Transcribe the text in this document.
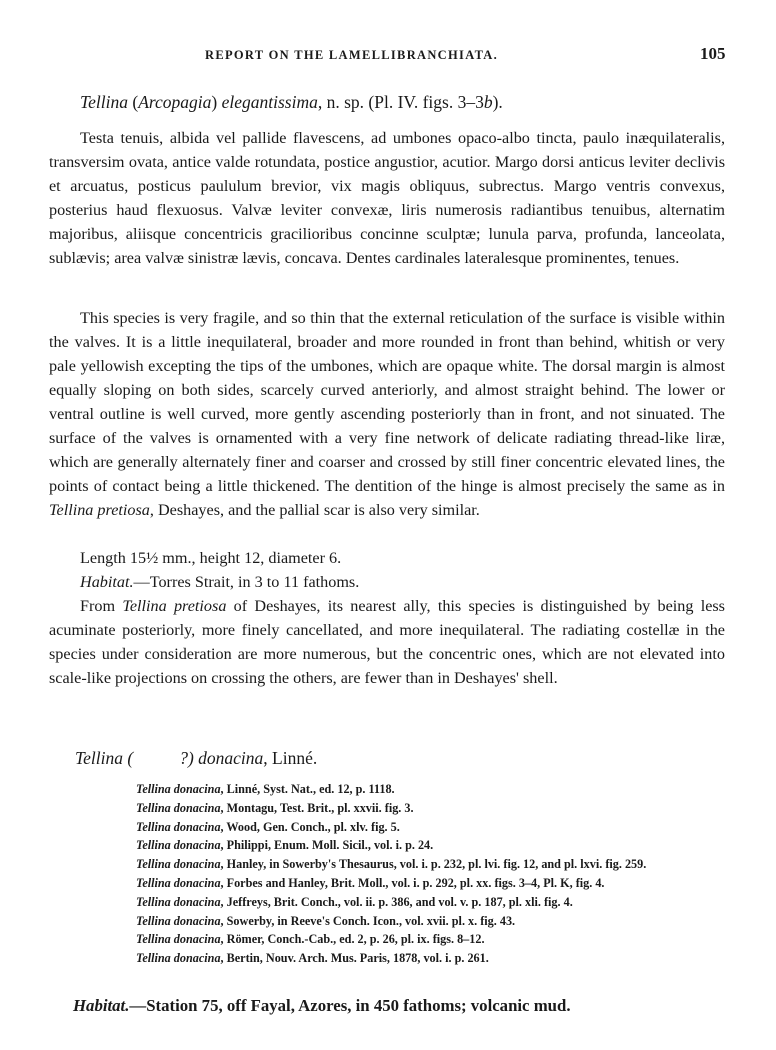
REPORT ON THE LAMELLIBRANCHIATA.	105
Tellina (Arcopagia) elegantissima, n. sp. (Pl. IV. figs. 3–3b).
Testa tenuis, albida vel pallide flavescens, ad umbones opaco-albo tincta, paulo inæquilateralis, transversim ovata, antice valde rotundata, postice angustior, acutior. Margo dorsi anticus leviter declivis et arcuatus, posticus paululum brevior, vix magis obliquus, subrectus. Margo ventris convexus, posterius haud flexuosus. Valvæ leviter convexæ, liris numerosis radiantibus tenuibus, alternatim majoribus, aliisque concentricis gracilioribus concinne sculptæ; lunula parva, profunda, lanceolata, sublævis; area valvæ sinistræ lævis, concava. Dentes cardinales lateralesque prominentes, tenues.
This species is very fragile, and so thin that the external reticulation of the surface is visible within the valves. It is a little inequilateral, broader and more rounded in front than behind, whitish or very pale yellowish excepting the tips of the umbones, which are opaque white. The dorsal margin is almost equally sloping on both sides, scarcely curved anteriorly, and almost straight behind. The lower or ventral outline is well curved, more gently ascending posteriorly than in front, and not sinuated. The surface of the valves is ornamented with a very fine network of delicate radiating thread-like liræ, which are generally alternately finer and coarser and crossed by still finer concentric elevated lines, the points of contact being a little thickened. The dentition of the hinge is almost precisely the same as in Tellina pretiosa, Deshayes, and the pallial scar is also very similar.
Length 15½ mm., height 12, diameter 6.
Habitat.—Torres Strait, in 3 to 11 fathoms.
From Tellina pretiosa of Deshayes, its nearest ally, this species is distinguished by being less acuminate posteriorly, more finely cancellated, and more inequilateral. The radiating costellæ in the species under consideration are more numerous, but the concentric ones, which are not elevated into scale-like projections on crossing the others, are fewer than in Deshayes' shell.
Tellina (	?) donacina, Linné.
Tellina donacina, Linné, Syst. Nat., ed. 12, p. 1118.
Tellina donacina, Montagu, Test. Brit., pl. xxvii. fig. 3.
Tellina donacina, Wood, Gen. Conch., pl. xlv. fig. 5.
Tellina donacina, Philippi, Enum. Moll. Sicil., vol. i. p. 24.
Tellina donacina, Hanley, in Sowerby's Thesaurus, vol. i. p. 232, pl. lvi. fig. 12, and pl. lxvi. fig. 259.
Tellina donacina, Forbes and Hanley, Brit. Moll., vol. i. p. 292, pl. xx. figs. 3–4, Pl. K, fig. 4.
Tellina donacina, Jeffreys, Brit. Conch., vol. ii. p. 386, and vol. v. p. 187, pl. xli. fig. 4.
Tellina donacina, Sowerby, in Reeve's Conch. Icon., vol. xvii. pl. x. fig. 43.
Tellina donacina, Römer, Conch.-Cab., ed. 2, p. 26, pl. ix. figs. 8–12.
Tellina donacina, Bertin, Nouv. Arch. Mus. Paris, 1878, vol. i. p. 261.
Habitat.—Station 75, off Fayal, Azores, in 450 fathoms; volcanic mud.
